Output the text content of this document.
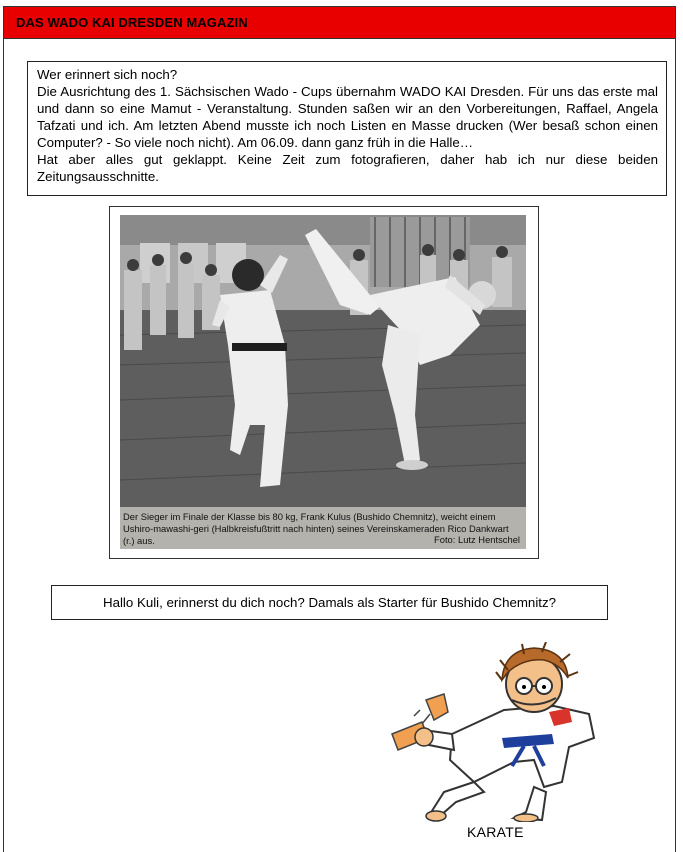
DAS WADO KAI DRESDEN MAGAZIN

Wer erinnert sich noch?

Die Ausrichtung des 1. Sächsischen Wado - Cups übernahm WADO KAI Dresden. Für uns das erste mal und dann so eine Mamut - Veranstaltung. Stunden saßen wir an den Vorbereitungen, Raffael, Angela Tafzati und ich. Am letzten Abend musste ich noch Listen en Masse drucken (Wer besaß schon einen Computer? - So viele noch nicht). Am 06.09. dann ganz früh in die Halle…

Hat aber alles gut geklappt. Keine Zeit zum fotografieren, daher hab ich nur diese beiden Zeitungsausschnitte.

Der Sieger im Finale der Klasse bis 80 kg, Frank Kulus (Bushido Chemnitz), weicht einem Ushiro-mawashi-geri (Halbkreisfußtritt nach hinten) seines Vereinskameraden Rico Dankwart (r.) aus.	Foto: Lutz Hentschel
Hallo Kuli, erinnerst du dich noch? Damals als Starter für Bushido Chemnitz?
KARATE
